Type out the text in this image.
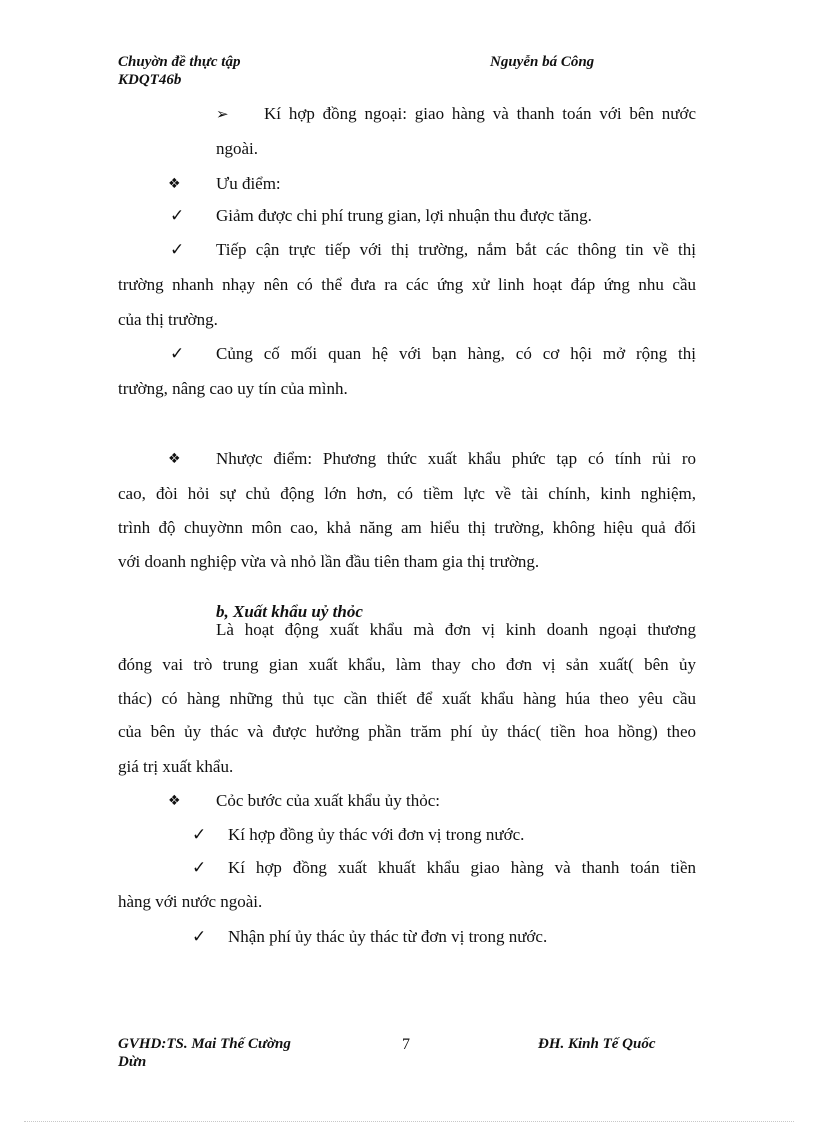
Chuyờn đề thực tập

KDQT46b

Nguyễn bá Công

➢ Kí hợp đồng ngoại: giao hàng và thanh toán với bên nước

ngoài.

❖ Ưu điểm:

✓ Giảm được chi phí trung gian, lợi nhuận thu được tăng.

✓ Tiếp cận trực tiếp với thị trường, nắm bắt các thông tin về thị

trường nhanh nhạy nên có thể đưa ra các ứng xử linh hoạt đáp ứng nhu cầu

của thị trường.

✓ Củng cố mối quan hệ với bạn hàng, có cơ hội mở rộng thị

trường, nâng cao uy tín của mình.

❖ Nhược điểm: Phương thức xuất khẩu phức tạp có tính rủi ro

cao, đòi hỏi sự chủ động lớn hơn, có tiềm lực về tài chính, kinh nghiệm,

trình độ chuyờnn môn cao, khả năng am hiểu thị trường, không hiệu quả đối

với doanh nghiệp vừa và nhỏ lần đầu tiên tham gia thị trường.

b, Xuất khẩu uỷ thỏc

Là hoạt động xuất khẩu mà đơn vị kinh doanh ngoại thương

đóng vai trò trung gian xuất khẩu, làm thay cho đơn vị sản xuất( bên ủy

thác) có hàng những thủ tục cần thiết để xuất khẩu hàng húa theo yêu cầu

của bên ủy thác và được hưởng phần trăm phí ủy thác( tiền hoa hồng) theo

giá trị xuất khẩu.

❖ Cỏc bước của xuất khẩu ủy thỏc:

✓ Kí hợp đồng ủy thác với đơn vị trong nước.

✓ Kí hợp đồng xuất khuất khẩu giao hàng và thanh toán tiền

hàng với nước ngoài.

✓ Nhận phí ủy thác ủy thác từ đơn vị trong nước.

GVHD:TS. Mai Thế Cường

Dừn

7	ĐH. Kinh Tế Quốc
